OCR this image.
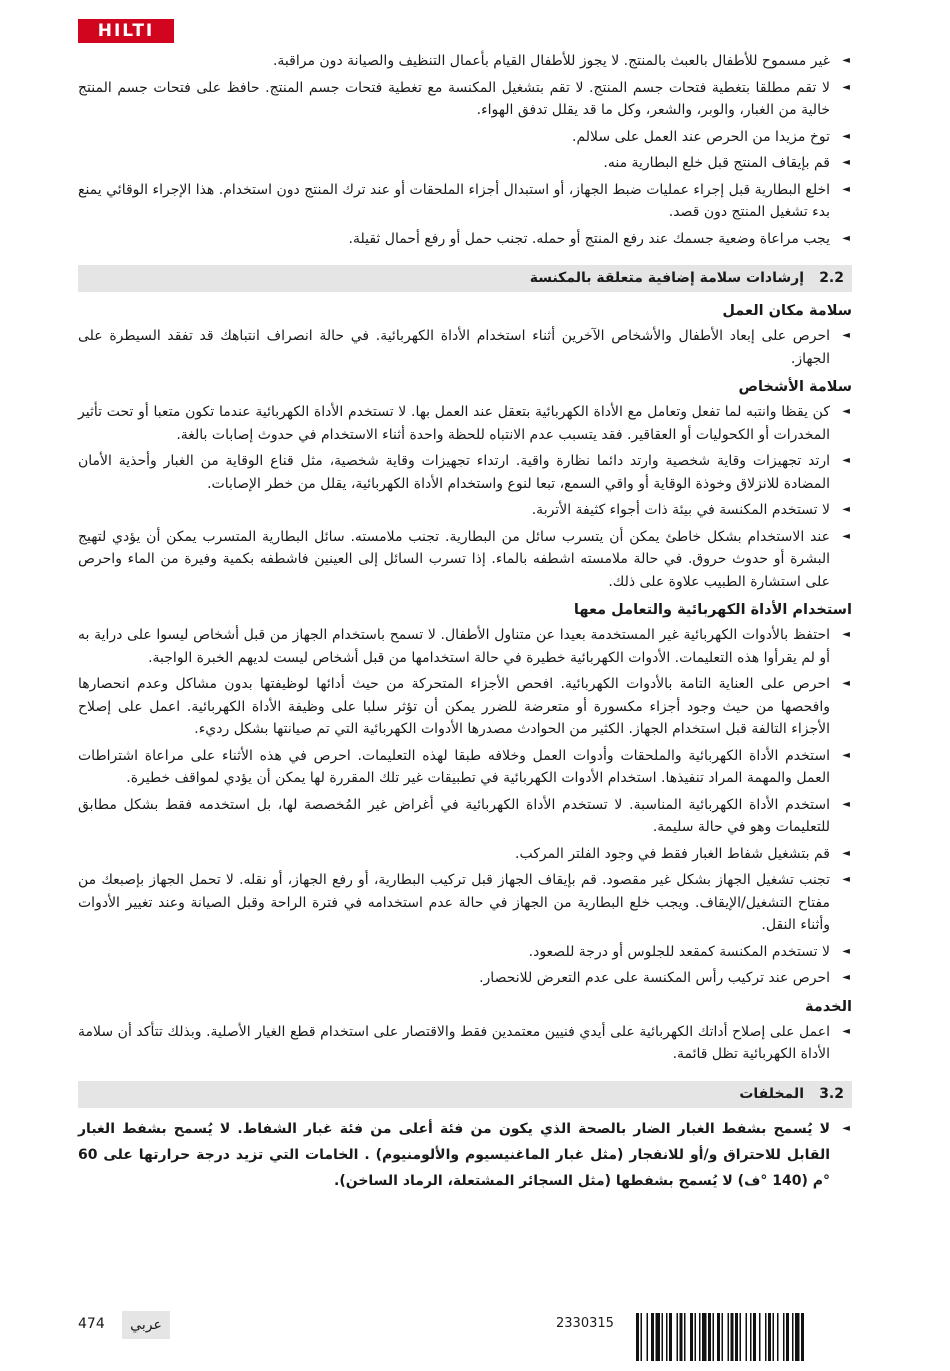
HILTI
◄
غير مسموح للأطفال بالعبث بالمنتج. لا يجوز للأطفال القيام بأعمال التنظيف والصيانة دون مراقبة.
◄
لا تقم مطلقا بتغطية فتحات جسم المنتج. لا تقم بتشغيل المكنسة مع تغطية فتحات جسم المنتج. حافظ على فتحات جسم المنتج خالية من الغبار، والوبر، والشعر، وكل ما قد يقلل تدفق الهواء.
◄
توخ مزيدا من الحرص عند العمل على سلالم.
◄
قم بإيقاف المنتج قبل خلع البطارية منه.
◄
اخلع البطارية قبل إجراء عمليات ضبط الجهاز، أو استبدال أجزاء الملحقات أو عند ترك المنتج دون استخدام. هذا الإجراء الوقائي يمنع بدء تشغيل المنتج دون قصد.
◄
يجب مراعاة وضعية جسمك عند رفع المنتج أو حمله. تجنب حمل أو رفع أحمال ثقيلة.
2.2إرشادات سلامة إضافية متعلقة بالمكنسة
سلامة مكان العمل
◄
احرص على إبعاد الأطفال والأشخاص الآخرين أثناء استخدام الأداة الكهربائية. في حالة انصراف انتباهك قد تفقد السيطرة على الجهاز.
سلامة الأشخاص
◄
كن يقظا وانتبه لما تفعل وتعامل مع الأداة الكهربائية بتعقل عند العمل بها. لا تستخدم الأداة الكهربائية عندما تكون متعبا أو تحت تأثير المخدرات أو الكحوليات أو العقاقير. فقد يتسبب عدم الانتباه للحظة واحدة أثناء الاستخدام في حدوث إصابات بالغة.
◄
ارتد تجهيزات وقاية شخصية وارتد دائما نظارة واقية. ارتداء تجهيزات وقاية شخصية، مثل قناع الوقاية من الغبار وأحذية الأمان المضادة للانزلاق وخوذة الوقاية أو واقي السمع، تبعا لنوع واستخدام الأداة الكهربائية، يقلل من خطر الإصابات.
◄
لا تستخدم المكنسة في بيئة ذات أجواء كثيفة الأتربة.
◄
عند الاستخدام بشكل خاطئ يمكن أن يتسرب سائل من البطارية. تجنب ملامسته. سائل البطارية المتسرب يمكن أن يؤدي لتهيج البشرة أو حدوث حروق. في حالة ملامسته اشطفه بالماء. إذا تسرب السائل إلى العينين فاشطفه بكمية وفيرة من الماء واحرص على استشارة الطبيب علاوة على ذلك.
استخدام الأداة الكهربائية والتعامل معها
◄
احتفظ بالأدوات الكهربائية غير المستخدمة بعيدا عن متناول الأطفال. لا تسمح باستخدام الجهاز من قبل أشخاص ليسوا على دراية به أو لم يقرأوا هذه التعليمات. الأدوات الكهربائية خطيرة في حالة استخدامها من قبل أشخاص ليست لديهم الخبرة الواجبة.
◄
احرص على العناية التامة بالأدوات الكهربائية. افحص الأجزاء المتحركة من حيث أدائها لوظيفتها بدون مشاكل وعدم انحصارها وافحصها من حيث وجود أجزاء مكسورة أو متعرضة للضرر يمكن أن تؤثر سلبا على وظيفة الأداة الكهربائية. اعمل على إصلاح الأجزاء التالفة قبل استخدام الجهاز. الكثير من الحوادث مصدرها الأدوات الكهربائية التي تم صيانتها بشكل رديء.
◄
استخدم الأداة الكهربائية والملحقات وأدوات العمل وخلافه طبقا لهذه التعليمات. احرص في هذه الأثناء على مراعاة اشتراطات العمل والمهمة المراد تنفيذها. استخدام الأدوات الكهربائية في تطبيقات غير تلك المقررة لها يمكن أن يؤدي لمواقف خطيرة.
◄
استخدم الأداة الكهربائية المناسبة. لا تستخدم الأداة الكهربائية في أغراض غير المُخصصة لها، بل استخدمه فقط بشكل مطابق للتعليمات وهو في حالة سليمة.
◄
قم بتشغيل شفاط الغبار فقط في وجود الفلتر المركب.
◄
تجنب تشغيل الجهاز بشكل غير مقصود. قم بإيقاف الجهاز قبل تركيب البطارية، أو رفع الجهاز، أو نقله. لا تحمل الجهاز بإصبعك من مفتاح التشغيل/الإيقاف. ويجب خلع البطارية من الجهاز في حالة عدم استخدامه في فترة الراحة وقبل الصيانة وعند تغيير الأدوات وأثناء النقل.
◄
لا تستخدم المكنسة كمقعد للجلوس أو درجة للصعود.
◄
احرص عند تركيب رأس المكنسة على عدم التعرض للانحصار.
الخدمة
◄
اعمل على إصلاح أداتك الكهربائية على أيدي فنيين معتمدين فقط والاقتصار على استخدام قطع الغيار الأصلية. وبذلك تتأكد أن سلامة الأداة الكهربائية تظل قائمة.
3.2المخلفات
◄
لا يُسمح بشفط الغبار الضار بالصحة الذي يكون من فئة أعلى من فئة غبار الشفاط. لا يُسمح بشفط الغبار القابل للاحتراق و/أو للانفجار (مثل غبار الماغنيسيوم والألومنيوم) . الخامات التي تزيد درجة حرارتها على 60 °م (140 °ف) لا يُسمح بشفطها (مثل السجائر المشتعلة، الرماد الساخن).
474	عربي	2330315
